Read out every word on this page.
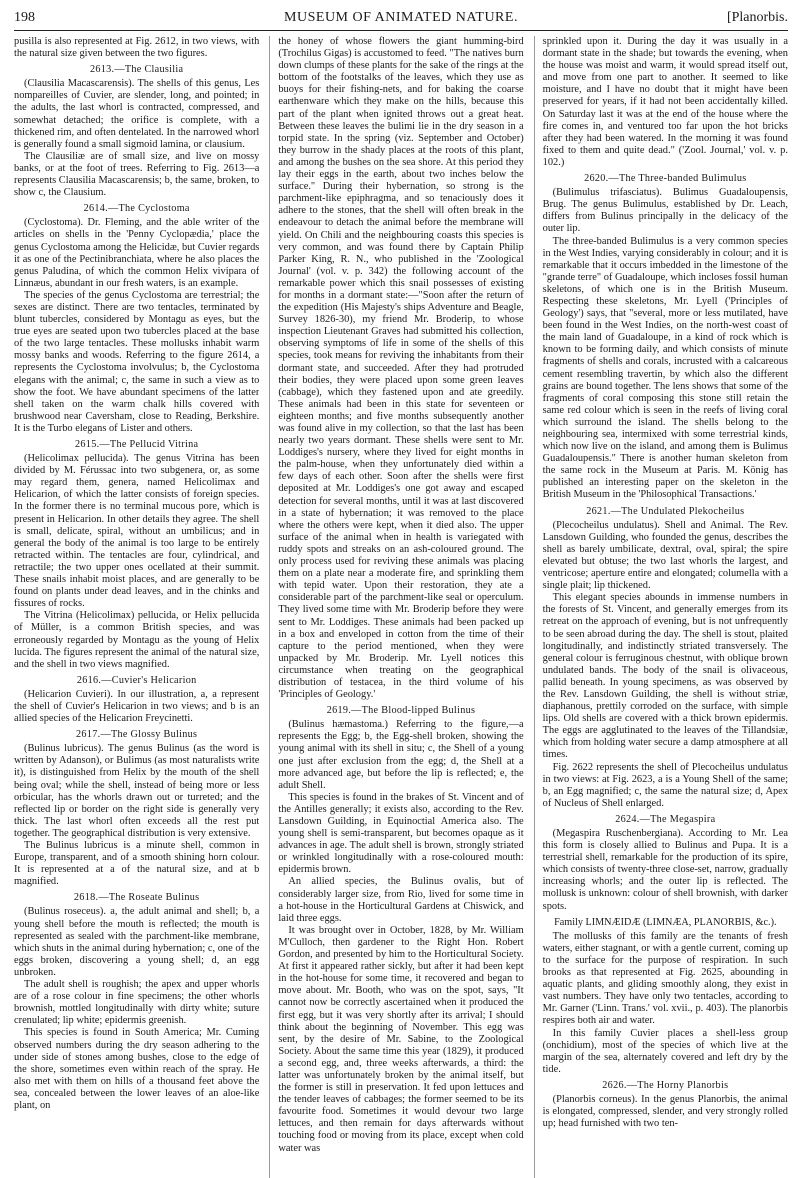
198	MUSEUM OF ANIMATED NATURE.	[Planorbis.

pusilla is also represented at Fig. 2612, in two views, with the natural size given between the two figures.

2613.—The Clausilia

(Clausilia Macascarensis). The shells of this genus, Les nompareilles of Cuvier, are slender, long, and pointed; in the adults, the last whorl is contracted, compressed, and somewhat detached; the orifice is complete, with a thickened rim, and often dentelated. In the narrowed whorl is generally found a small sigmoid lamina, or clausium.

The Clausiliæ are of small size, and live on mossy banks, or at the foot of trees. Referring to Fig. 2613—a represents Clausilia Macascarensis; b, the same, broken, to show c, the Clausium.

2614.—The Cyclostoma

(Cyclostoma). Dr. Fleming, and the able writer of the articles on shells in the 'Penny Cyclopædia,' place the genus Cyclostoma among the Helicidæ, but Cuvier regards it as one of the Pectinibranchiata, where he also places the genus Paludina, of which the common Helix vivipara of Linnæus, abundant in our fresh waters, is an example.

The species of the genus Cyclostoma are terrestrial; the sexes are distinct. There are two tentacles, terminated by blunt tubercles, considered by Montagu as eyes, but the true eyes are seated upon two tubercles placed at the base of the two large tentacles. These mollusks inhabit warm mossy banks and woods. Referring to the figure 2614, a represents the Cyclostoma involvulus; b, the Cyclostoma elegans with the animal; c, the same in such a view as to show the foot. We have abundant specimens of the latter shell taken on the warm chalk hills covered with brushwood near Caversham, close to Reading, Berkshire. It is the Turbo elegans of Lister and others.

2615.—The Pellucid Vitrina

(Helicolimax pellucida). The genus Vitrina has been divided by M. Férussac into two subgenera, or, as some may regard them, genera, named Helicolimax and Helicarion, of which the latter consists of foreign species. In the former there is no terminal mucous pore, which is present in Helicarion. In other details they agree. The shell is small, delicate, spiral, without an umbilicus; and in general the body of the animal is too large to be entirely retracted within. The tentacles are four, cylindrical, and retractile; the two upper ones ocellated at their summit. These snails inhabit moist places, and are generally to be found on plants under dead leaves, and in the chinks and fissures of rocks.

The Vitrina (Helicolimax) pellucida, or Helix pellucida of Müller, is a common British species, and was erroneously regarded by Montagu as the young of Helix lucida. The figures represent the animal of the natural size, and the shell in two views magnified.

2616.—Cuvier's Helicarion

(Helicarion Cuvieri). In our illustration, a, a represent the shell of Cuvier's Helicarion in two views; and b is an allied species of the Helicarion Freycinetti.

2617.—The Glossy Bulinus

(Bulinus lubricus). The genus Bulinus (as the word is written by Adanson), or Bulimus (as most naturalists write it), is distinguished from Helix by the mouth of the shell being oval; while the shell, instead of being more or less orbicular, has the whorls drawn out or turreted; and the reflected lip or border on the right side is generally very thick. The last whorl often exceeds all the rest put together. The geographical distribution is very extensive.

The Bulinus lubricus is a minute shell, common in Europe, transparent, and of a smooth shining horn colour. It is represented at a of the natural size, and at b magnified.

2618.—The Roseate Bulinus

(Bulinus roseceus). a, the adult animal and shell; b, a young shell before the mouth is reflected; the mouth is represented as sealed with the parchment-like membrane, which shuts in the animal during hybernation; c, one of the eggs broken, discovering a young shell; d, an egg unbroken.

The adult shell is roughish; the apex and upper whorls are of a rose colour in fine specimens; the other whorls brownish, mottled longitudinally with dirty white; suture crenulated; lip white; epidermis greenish.

This species is found in South America; Mr. Cuming observed numbers during the dry season adhering to the under side of stones among bushes, close to the edge of the shore, sometimes even within reach of the spray. He also met with them on hills of a thousand feet above the sea, concealed between the lower leaves of an aloe-like plant, on

the honey of whose flowers the giant humming-bird (Trochilus Gigas) is accustomed to feed. "The natives burn down clumps of these plants for the sake of the rings at the bottom of the footstalks of the leaves, which they use as buoys for their fishing-nets, and for baking the coarse earthenware which they make on the hills, because this part of the plant when ignited throws out a great heat. Between these leaves the bulimi lie in the dry season in a torpid state. In the spring (viz. September and October) they burrow in the shady places at the roots of this plant, and among the bushes on the sea shore. At this period they lay their eggs in the earth, about two inches below the surface." During their hybernation, so strong is the parchment-like epiphragma, and so tenaciously does it adhere to the stones, that the shell will often break in the endeavour to detach the animal before the membrane will yield. On Chili and the neighbouring coasts this species is very common, and was found there by Captain Philip Parker King, R. N., who published in the 'Zoological Journal' (vol. v. p. 342) the following account of the remarkable power which this snail possesses of existing for months in a dormant state:—"Soon after the return of the expedition (His Majesty's ships Adventure and Beagle, Survey 1826-30), my friend Mr. Broderip, to whose inspection Lieutenant Graves had submitted his collection, observing symptoms of life in some of the shells of this species, took means for reviving the inhabitants from their dormant state, and succeeded. After they had protruded their bodies, they were placed upon some green leaves (cabbage), which they fastened upon and ate greedily. These animals had been in this state for seventeen or eighteen months; and five months subsequently another was found alive in my collection, so that the last has been nearly two years dormant. These shells were sent to Mr. Loddiges's nursery, where they lived for eight months in the palm-house, when they unfortunately died within a few days of each other. Soon after the shells were first deposited at Mr. Loddiges's one got away and escaped detection for several months, until it was at last discovered in a state of hybernation; it was removed to the place where the others were kept, when it died also. The upper surface of the animal when in health is variegated with ruddy spots and streaks on an ash-coloured ground. The only process used for reviving these animals was placing them on a plate near a moderate fire, and sprinkling them with tepid water. Upon their restoration, they ate a considerable part of the parchment-like seal or operculum. They lived some time with Mr. Broderip before they were sent to Mr. Loddiges. These animals had been packed up in a box and enveloped in cotton from the time of their capture to the period mentioned, when they were unpacked by Mr. Broderip. Mr. Lyell notices this circumstance when treating on the geographical distribution of testacea, in the third volume of his 'Principles of Geology.'

2619.—The Blood-lipped Bulinus

(Bulinus hæmastoma.) Referring to the figure,—a represents the Egg; b, the Egg-shell broken, showing the young animal with its shell in situ; c, the Shell of a young one just after exclusion from the egg; d, the Shell at a more advanced age, but before the lip is reflected; e, the adult Shell.

This species is found in the brakes of St. Vincent and of the Antilles generally; it exists also, according to the Rev. Lansdown Guilding, in Equinoctial America also. The young shell is semi-transparent, but becomes opaque as it advances in age. The adult shell is brown, strongly striated or wrinkled longitudinally with a rose-coloured mouth: epidermis brown.

An allied species, the Bulinus ovalis, but of considerably larger size, from Rio, lived for some time in a hot-house in the Horticultural Gardens at Chiswick, and laid three eggs.

It was brought over in October, 1828, by Mr. William M'Culloch, then gardener to the Right Hon. Robert Gordon, and presented by him to the Horticultural Society. At first it appeared rather sickly, but after it had been kept in the hot-house for some time, it recovered and began to move about. Mr. Booth, who was on the spot, says, "It cannot now be correctly ascertained when it produced the first egg, but it was very shortly after its arrival; I should think about the beginning of November. This egg was sent, by the desire of Mr. Sabine, to the Zoological Society. About the same time this year (1829), it produced a second egg, and, three weeks afterwards, a third: the latter was unfortunately broken by the animal itself, but the former is still in preservation. It fed upon lettuces and the tender leaves of cabbages; the former seemed to be its favourite food. Sometimes it would devour two large lettuces, and then remain for days afterwards without touching food or moving from its place, except when cold water was

sprinkled upon it. During the day it was usually in a dormant state in the shade; but towards the evening, when the house was moist and warm, it would spread itself out, and move from one part to another. It seemed to like moisture, and I have no doubt that it might have been preserved for years, if it had not been accidentally killed. On Saturday last it was at the end of the house where the fire comes in, and ventured too far upon the hot bricks after they had been watered. In the morning it was found fixed to them and quite dead." ('Zool. Journal,' vol. v. p. 102.)

2620.—The Three-banded Bulimulus

(Bulimulus trifasciatus). Bulimus Guadaloupensis, Brug. The genus Bulimulus, established by Dr. Leach, differs from Bulinus principally in the delicacy of the outer lip.

The three-banded Bulimulus is a very common species in the West Indies, varying considerably in colour; and it is remarkable that it occurs imbedded in the limestone of the "grande terre" of Guadaloupe, which incloses fossil human skeletons, of which one is in the British Museum. Respecting these skeletons, Mr. Lyell ('Principles of Geology') says, that "several, more or less mutilated, have been found in the West Indies, on the north-west coast of the main land of Guadaloupe, in a kind of rock which is known to be forming daily, and which consists of minute fragments of shells and corals, incrusted with a calcareous cement resembling travertin, by which also the different grains are bound together. The lens shows that some of the fragments of coral composing this stone still retain the same red colour which is seen in the reefs of living coral which surround the island. The shells belong to the neighbouring sea, intermixed with some terrestrial kinds, which now live on the island, and among them is Bulimus Guadaloupensis." There is another human skeleton from the same rock in the Museum at Paris. M. König has published an interesting paper on the skeleton in the British Museum in the 'Philosophical Transactions.'

2621.—The Undulated Plekocheilus

(Plecocheilus undulatus). Shell and Animal. The Rev. Lansdown Guilding, who founded the genus, describes the shell as barely umbilicate, dextral, oval, spiral; the spire elevated but obtuse; the two last whorls the largest, and ventricose; aperture entire and elongated; columella with a single plait; lip thickened.

This elegant species abounds in immense numbers in the forests of St. Vincent, and generally emerges from its retreat on the approach of evening, but is not unfrequently to be seen abroad during the day. The shell is stout, plaited longitudinally, and indistinctly striated transversely. The general colour is ferruginous chestnut, with oblique brown undulated bands. The body of the snail is olivaceous, pallid beneath. In young specimens, as was observed by the Rev. Lansdown Guilding, the shell is without striæ, diaphanous, prettily corroded on the surface, with simple lips. Old shells are covered with a thick brown epidermis. The eggs are agglutinated to the leaves of the Tillandsiæ, which from holding water secure a damp atmosphere at all times.

Fig. 2622 represents the shell of Plecocheilus undulatus in two views: at Fig. 2623, a is a Young Shell of the same; b, an Egg magnified; c, the same the natural size; d, Apex of Nucleus of Shell enlarged.

2624.—The Megaspira

(Megaspira Ruschenbergiana). According to Mr. Lea this form is closely allied to Bulinus and Pupa. It is a terrestrial shell, remarkable for the production of its spire, which consists of twenty-three close-set, narrow, gradually increasing whorls; and the outer lip is reflected. The mollusk is unknown: colour of shell brownish, with darker spots.

Family LIMNÆIDÆ (LIMNÆA, PLANORBIS, &c.).

The mollusks of this family are the tenants of fresh waters, either stagnant, or with a gentle current, coming up to the surface for the purpose of respiration. In such brooks as that represented at Fig. 2625, abounding in aquatic plants, and gliding smoothly along, they exist in vast numbers. They have only two tentacles, according to Mr. Garner ('Linn. Trans.' vol. xvii., p. 403). The planorbis respires both air and water.

In this family Cuvier places a shell-less group (onchidium), most of the species of which live at the margin of the sea, alternately covered and left dry by the tide.

2626.—The Horny Planorbis

(Planorbis corneus). In the genus Planorbis, the animal is elongated, compressed, slender, and very strongly rolled up; head furnished with two ten-
